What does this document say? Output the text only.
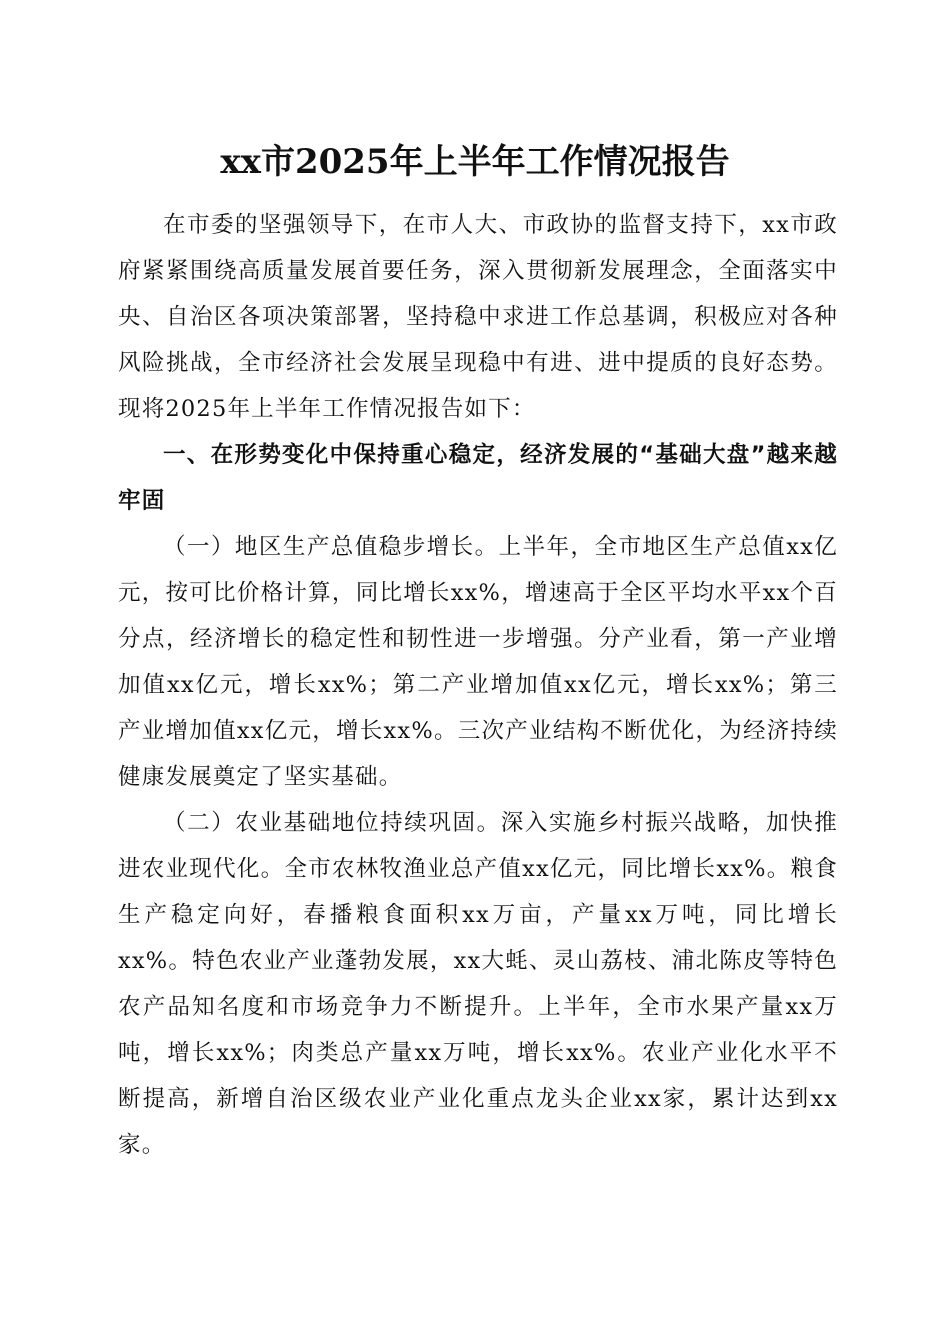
xx市2025年上半年工作情况报告

在市委的坚强领导下，在市人大、市政协的监督支持下，xx市政府紧紧围绕高质量发展首要任务，深入贯彻新发展理念，全面落实中央、自治区各项决策部署，坚持稳中求进工作总基调，积极应对各种风险挑战，全市经济社会发展呈现稳中有进、进中提质的良好态势。现将2025年上半年工作情况报告如下：

一、在形势变化中保持重心稳定，经济发展的“基础大盘”越来越牢固

（一）地区生产总值稳步增长。上半年，全市地区生产总值xx亿元，按可比价格计算，同比增长xx%，增速高于全区平均水平xx个百分点，经济增长的稳定性和韧性进一步增强。分产业看，第一产业增加值xx亿元，增长xx%；第二产业增加值xx亿元，增长xx%；第三产业增加值xx亿元，增长xx%。三次产业结构不断优化，为经济持续健康发展奠定了坚实基础。

（二）农业基础地位持续巩固。深入实施乡村振兴战略，加快推进农业现代化。全市农林牧渔业总产值xx亿元，同比增长xx%。粮食生产稳定向好，春播粮食面积xx万亩，产量xx万吨，同比增长xx%。特色农业产业蓬勃发展，xx大蚝、灵山荔枝、浦北陈皮等特色农产品知名度和市场竞争力不断提升。上半年，全市水果产量xx万吨，增长xx%；肉类总产量xx万吨，增长xx%。农业产业化水平不断提高，新增自治区级农业产业化重点龙头企业xx家，累计达到xx家。
